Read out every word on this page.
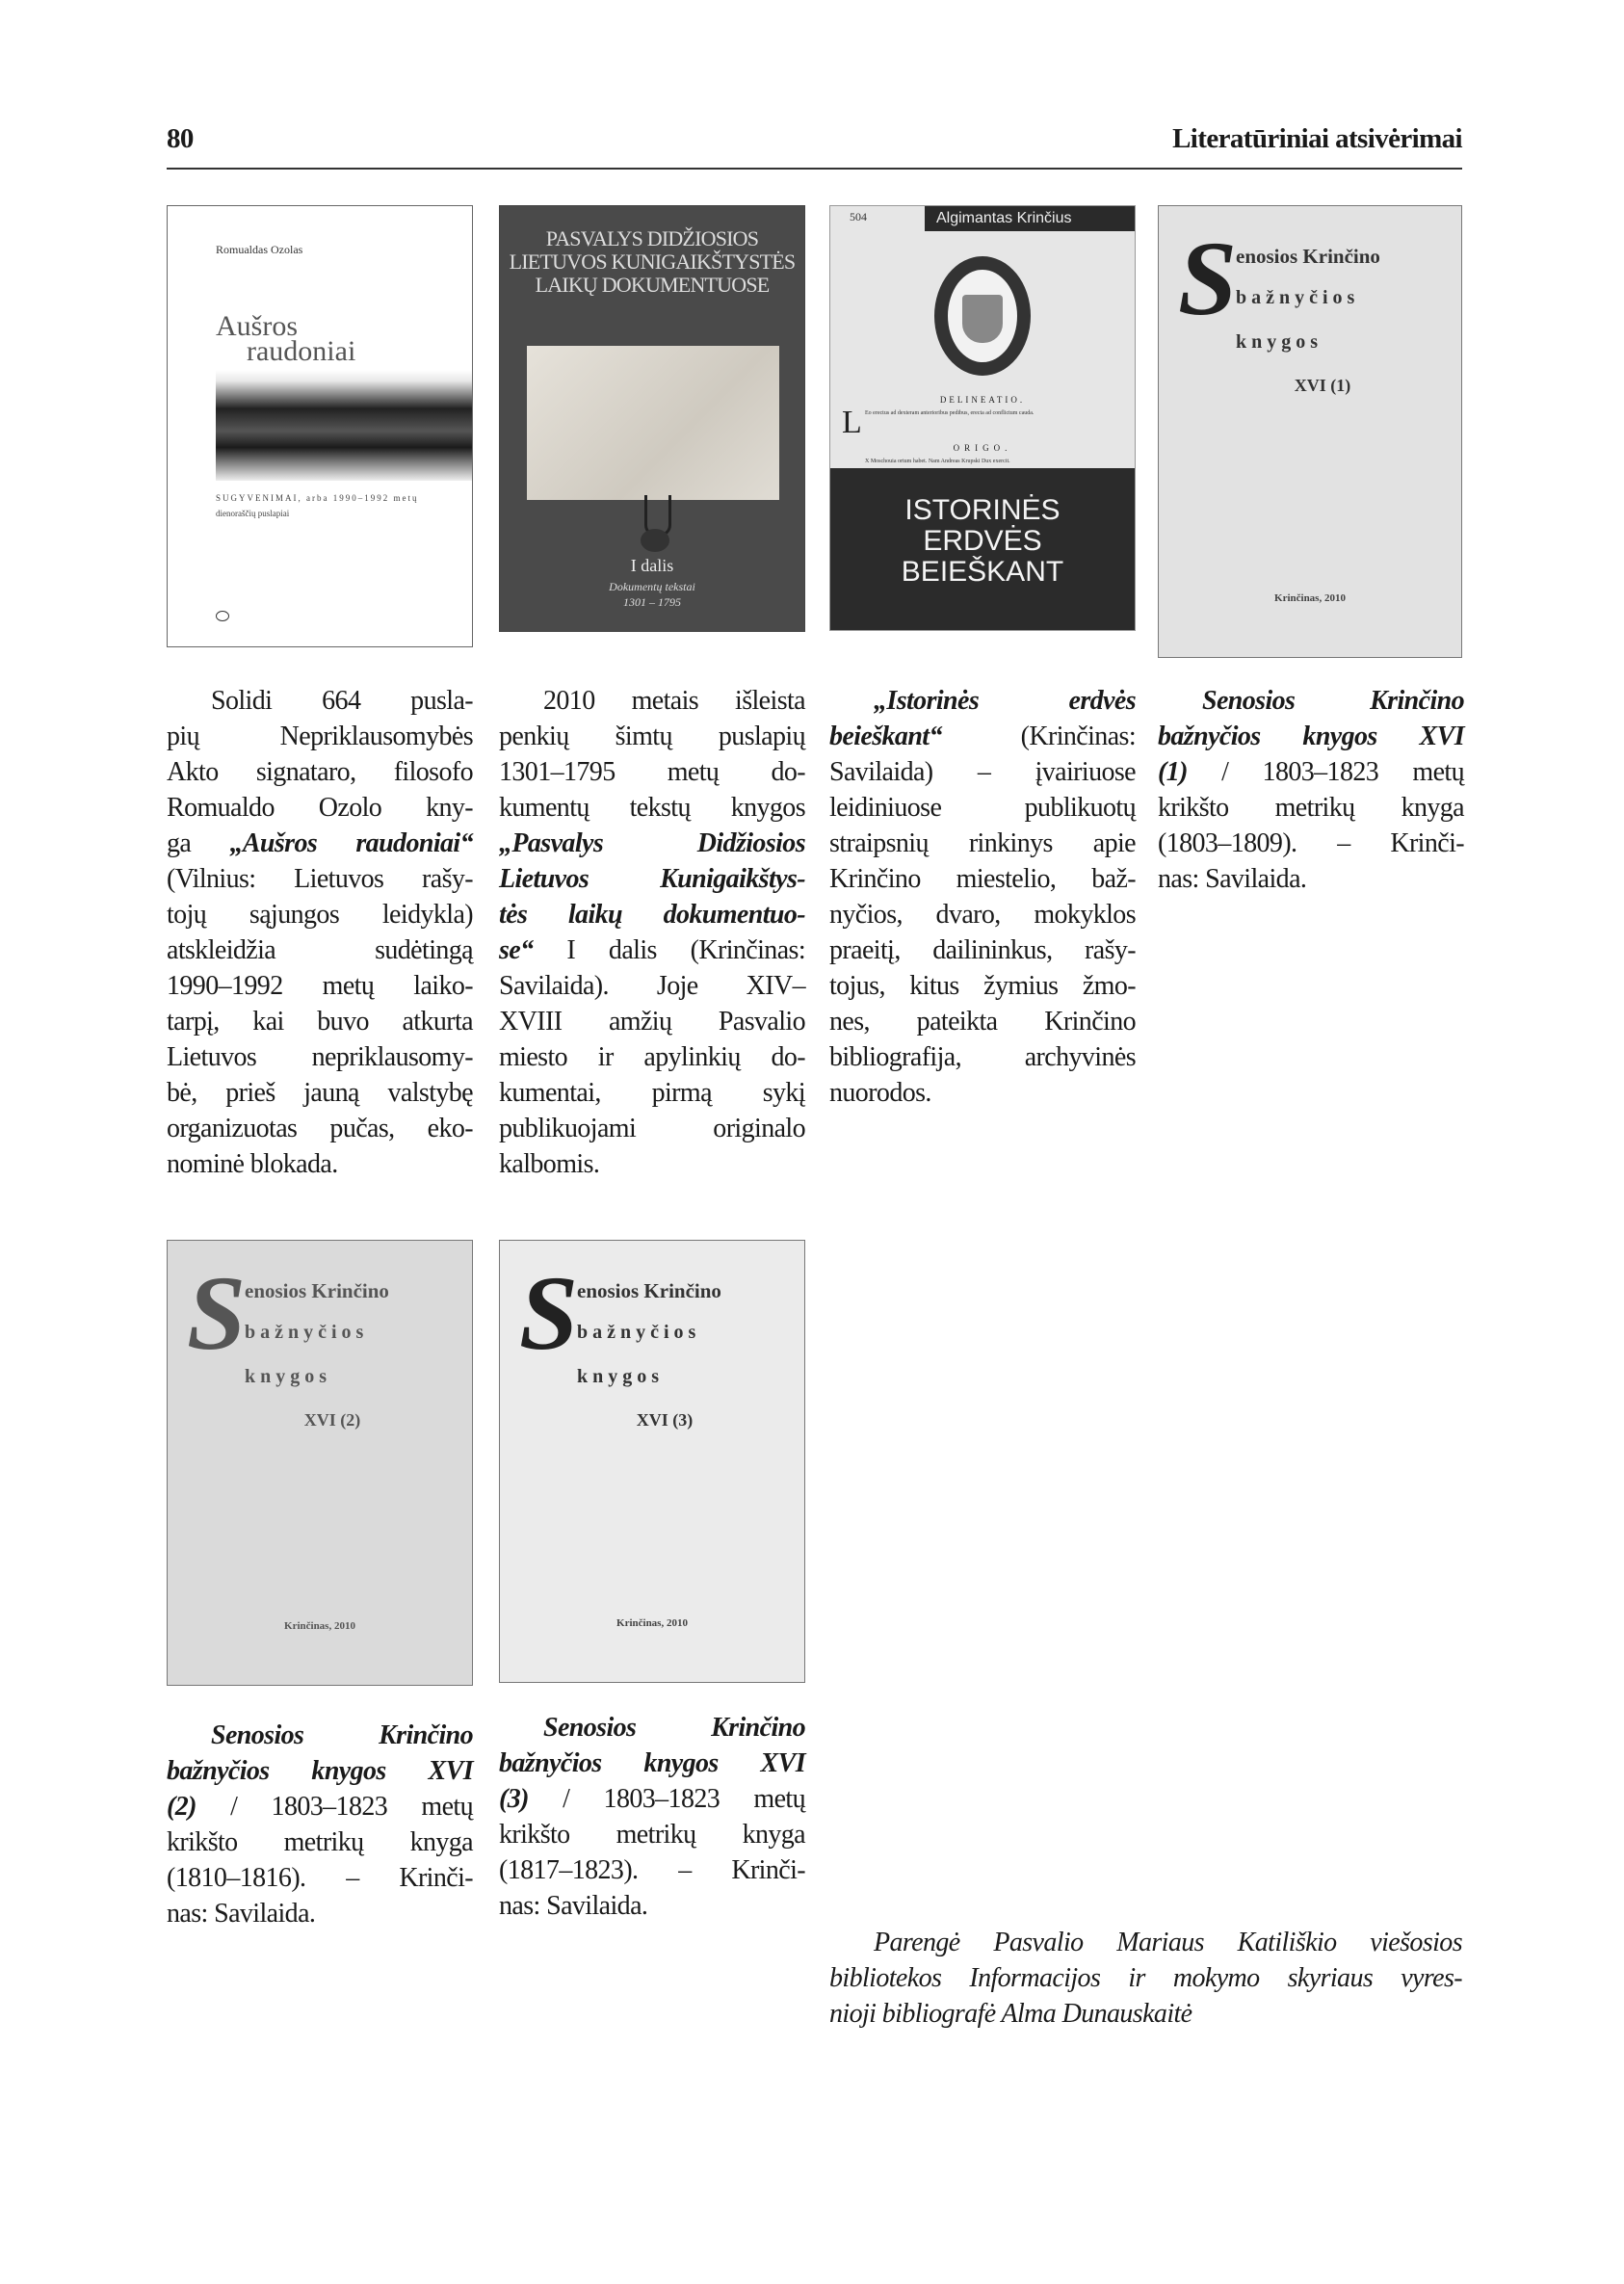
80	Literatūriniai atsivėrimai
Romualdas Ozolas
Aušros
raudoniai
SUGYVENIMAI, arba 1990–1992 metų
dienoraščių puslapiai
PASVALYS DIDŽIOSIOS LIETUVOS KUNIGAIKŠTYSTĖS LAIKŲ DOKUMENTUOSE
I dalis
Dokumentų tekstai
1301 – 1795
504	Algimantas Krinčius
DELINEATIO.
L Eo erectus ad dexteram anterioribus pedibus, erecta ad conflictum cauda.
ORIGO.
X Moschouia ortum habet. Nam Andreas Krupski Dux exercit.
ISTORINĖS
ERDVĖS
BEIEŠKANT
S
enosios Krinčino
bažnyčios
knygos
XVI (1)
Krinčinas, 2010
S
enosios Krinčino
bažnyčios
knygos
XVI (2)
Krinčinas, 2010
S
enosios Krinčino
bažnyčios
knygos
XVI (3)
Krinčinas, 2010
Solidi 664 pusla-
pių Nepriklausomybės
Akto signataro, filosofo
Romualdo Ozolo kny-
ga „Aušros raudoniai“
(Vilnius: Lietuvos rašy-
tojų sąjungos leidykla)
atskleidžia sudėtingą
1990–1992 metų laiko-
tarpį, kai buvo atkurta
Lietuvos nepriklausomy-
bė, prieš jauną valstybę
organizuotas pučas, eko-
nominė blokada.
2010 metais išleista
penkių šimtų puslapių
1301–1795 metų do-
kumentų tekstų knygos
„Pasvalys Didžiosios
Lietuvos Kunigaikštys-
tės laikų dokumentuo-
se“ I dalis (Krinčinas:
Savilaida). Joje XIV–
XVIII amžių Pasvalio
miesto ir apylinkių do-
kumentai, pirmą sykį
publikuojami originalo
kalbomis.
„Istorinės erdvės
beieškant“ (Krinčinas:
Savilaida) – įvairiuose
leidiniuose publikuotų
straipsnių rinkinys apie
Krinčino miestelio, baž-
nyčios, dvaro, mokyklos
praeitį, dailininkus, rašy-
tojus, kitus žymius žmo-
nes, pateikta Krinčino
bibliografija, archyvinės
nuorodos.
Senosios Krinčino
bažnyčios knygos XVI
(1) / 1803–1823 metų
krikšto metrikų knyga
(1803–1809). – Krinči-
nas: Savilaida.
Senosios Krinčino
bažnyčios knygos XVI
(2) / 1803–1823 metų
krikšto metrikų knyga
(1810–1816). – Krinči-
nas: Savilaida.
Senosios Krinčino
bažnyčios knygos XVI
(3) / 1803–1823 metų
krikšto metrikų knyga
(1817–1823). – Krinči-
nas: Savilaida.
Parengė Pasvalio Mariaus Katiliškio viešosios
bibliotekos Informacijos ir mokymo skyriaus vyres-
nioji bibliografė Alma Dunauskaitė
